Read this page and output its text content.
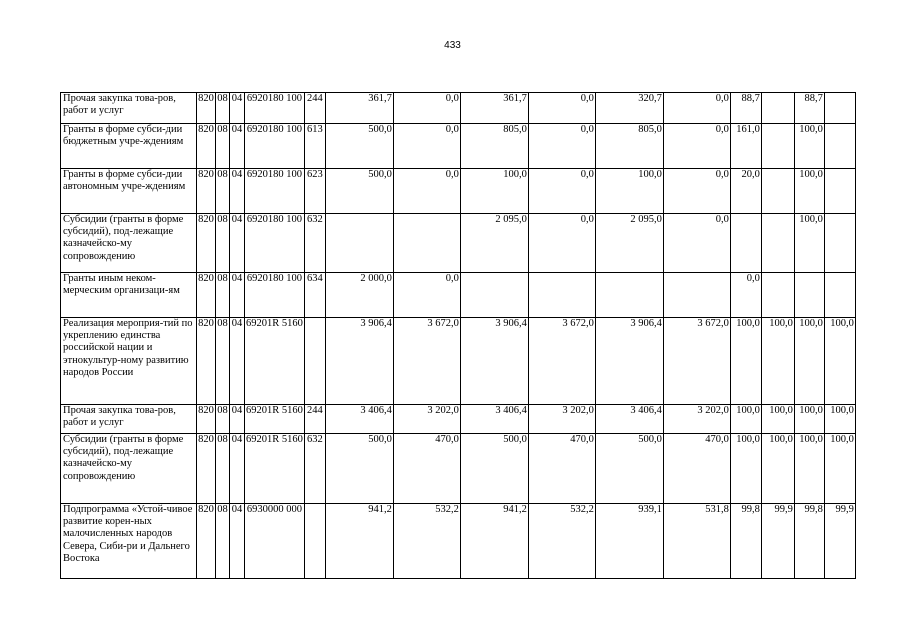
433
Прочая закупка това-ров, работ и услуг	820	08	04	6920180 100	244	361,7	0,0	361,7	0,0	320,7	0,0	88,7		88,7	
Гранты в форме субси-дии бюджетным учре-ждениям	820	08	04	6920180 100	613	500,0	0,0	805,0	0,0	805,0	0,0	161,0		100,0	
Гранты в форме субси-дии автономным учре-ждениям	820	08	04	6920180 100	623	500,0	0,0	100,0	0,0	100,0	0,0	20,0		100,0	
Субсидии (гранты в форме субсидий), под-лежащие казначейско-му сопровождению	820	08	04	6920180 100	632			2 095,0	0,0	2 095,0	0,0			100,0	
Гранты иным неком-мерческим организаци-ям	820	08	04	6920180 100	634	2 000,0	0,0					0,0			
Реализация мероприя-тий по укреплению единства российской нации и этнокультур-ному развитию народов России	820	08	04	69201R 5160		3 906,4	3 672,0	3 906,4	3 672,0	3 906,4	3 672,0	100,0	100,0	100,0	100,0
Прочая закупка това-ров, работ и услуг	820	08	04	69201R 5160	244	3 406,4	3 202,0	3 406,4	3 202,0	3 406,4	3 202,0	100,0	100,0	100,0	100,0
Субсидии (гранты в форме субсидий), под-лежащие казначейско-му сопровождению	820	08	04	69201R 5160	632	500,0	470,0	500,0	470,0	500,0	470,0	100,0	100,0	100,0	100,0
Подпрограмма «Устой-чивое развитие корен-ных малочисленных народов Севера, Сиби-ри и Дальнего Востока	820	08	04	6930000 000		941,2	532,2	941,2	532,2	939,1	531,8	99,8	99,9	99,8	99,9
